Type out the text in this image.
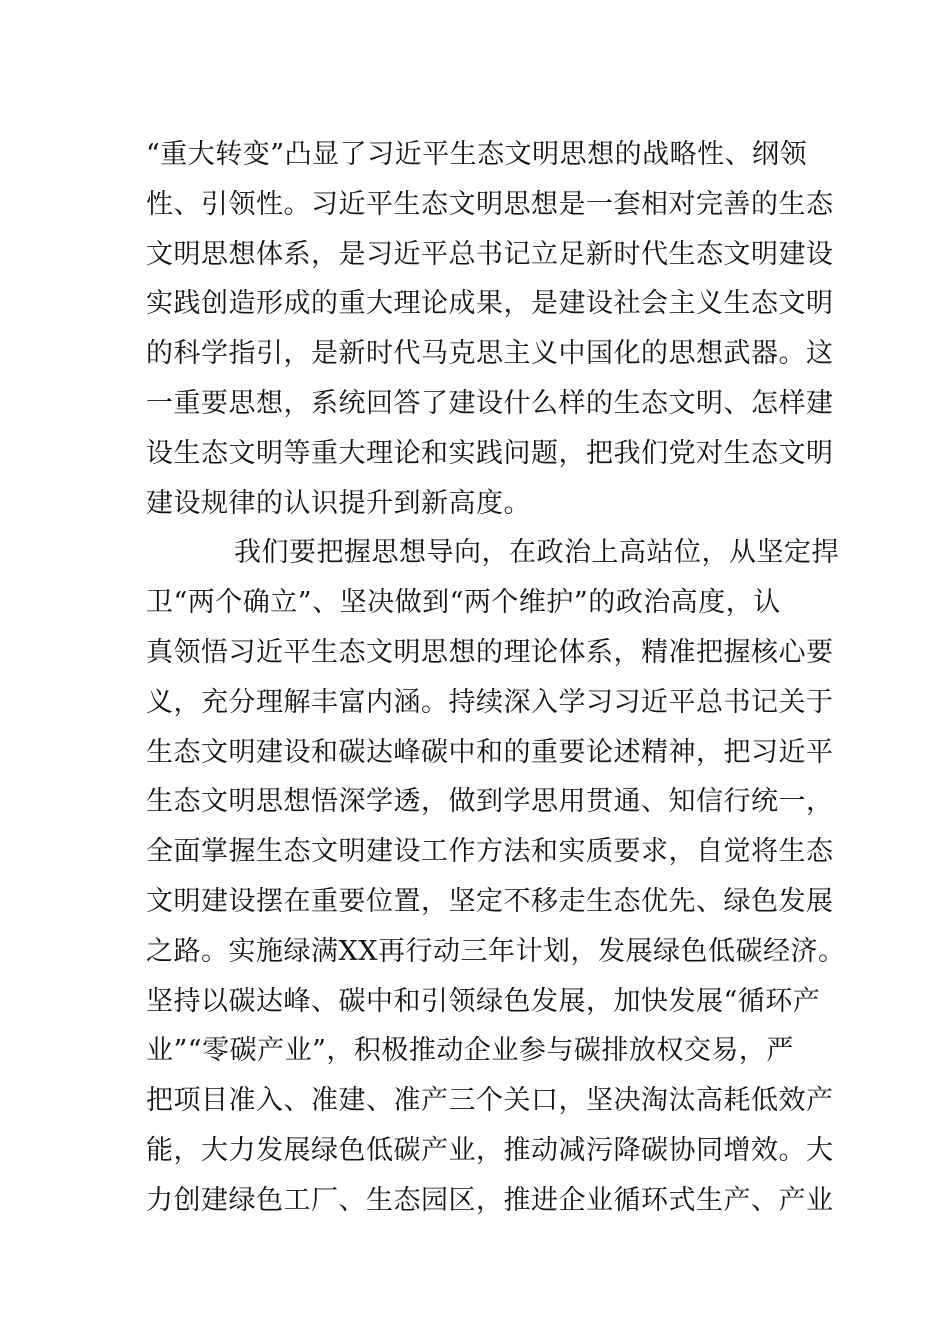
“重大转变”凸显了习近平生态文明思想的战略性、纲领
性、引领性。习近平生态文明思想是一套相对完善的生态
文明思想体系，是习近平总书记立足新时代生态文明建设
实践创造形成的重大理论成果，是建设社会主义生态文明
的科学指引，是新时代马克思主义中国化的思想武器。这
一重要思想，系统回答了建设什么样的生态文明、怎样建
设生态文明等重大理论和实践问题，把我们党对生态文明
建设规律的认识提升到新高度。
我们要把握思想导向，在政治上高站位，从坚定捍
卫“两个确立”、坚决做到“两个维护”的政治高度，认
真领悟习近平生态文明思想的理论体系，精准把握核心要
义，充分理解丰富内涵。持续深入学习习近平总书记关于
生态文明建设和碳达峰碳中和的重要论述精神，把习近平
生态文明思想悟深学透，做到学思用贯通、知信行统一，
全面掌握生态文明建设工作方法和实质要求，自觉将生态
文明建设摆在重要位置，坚定不移走生态优先、绿色发展
之路。实施绿满XX再行动三年计划，发展绿色低碳经济。
坚持以碳达峰、碳中和引领绿色发展，加快发展“循环产
业”“零碳产业”，积极推动企业参与碳排放权交易，严
把项目准入、准建、准产三个关口，坚决淘汰高耗低效产
能，大力发展绿色低碳产业，推动减污降碳协同增效。大
力创建绿色工厂、生态园区，推进企业循环式生产、产业
